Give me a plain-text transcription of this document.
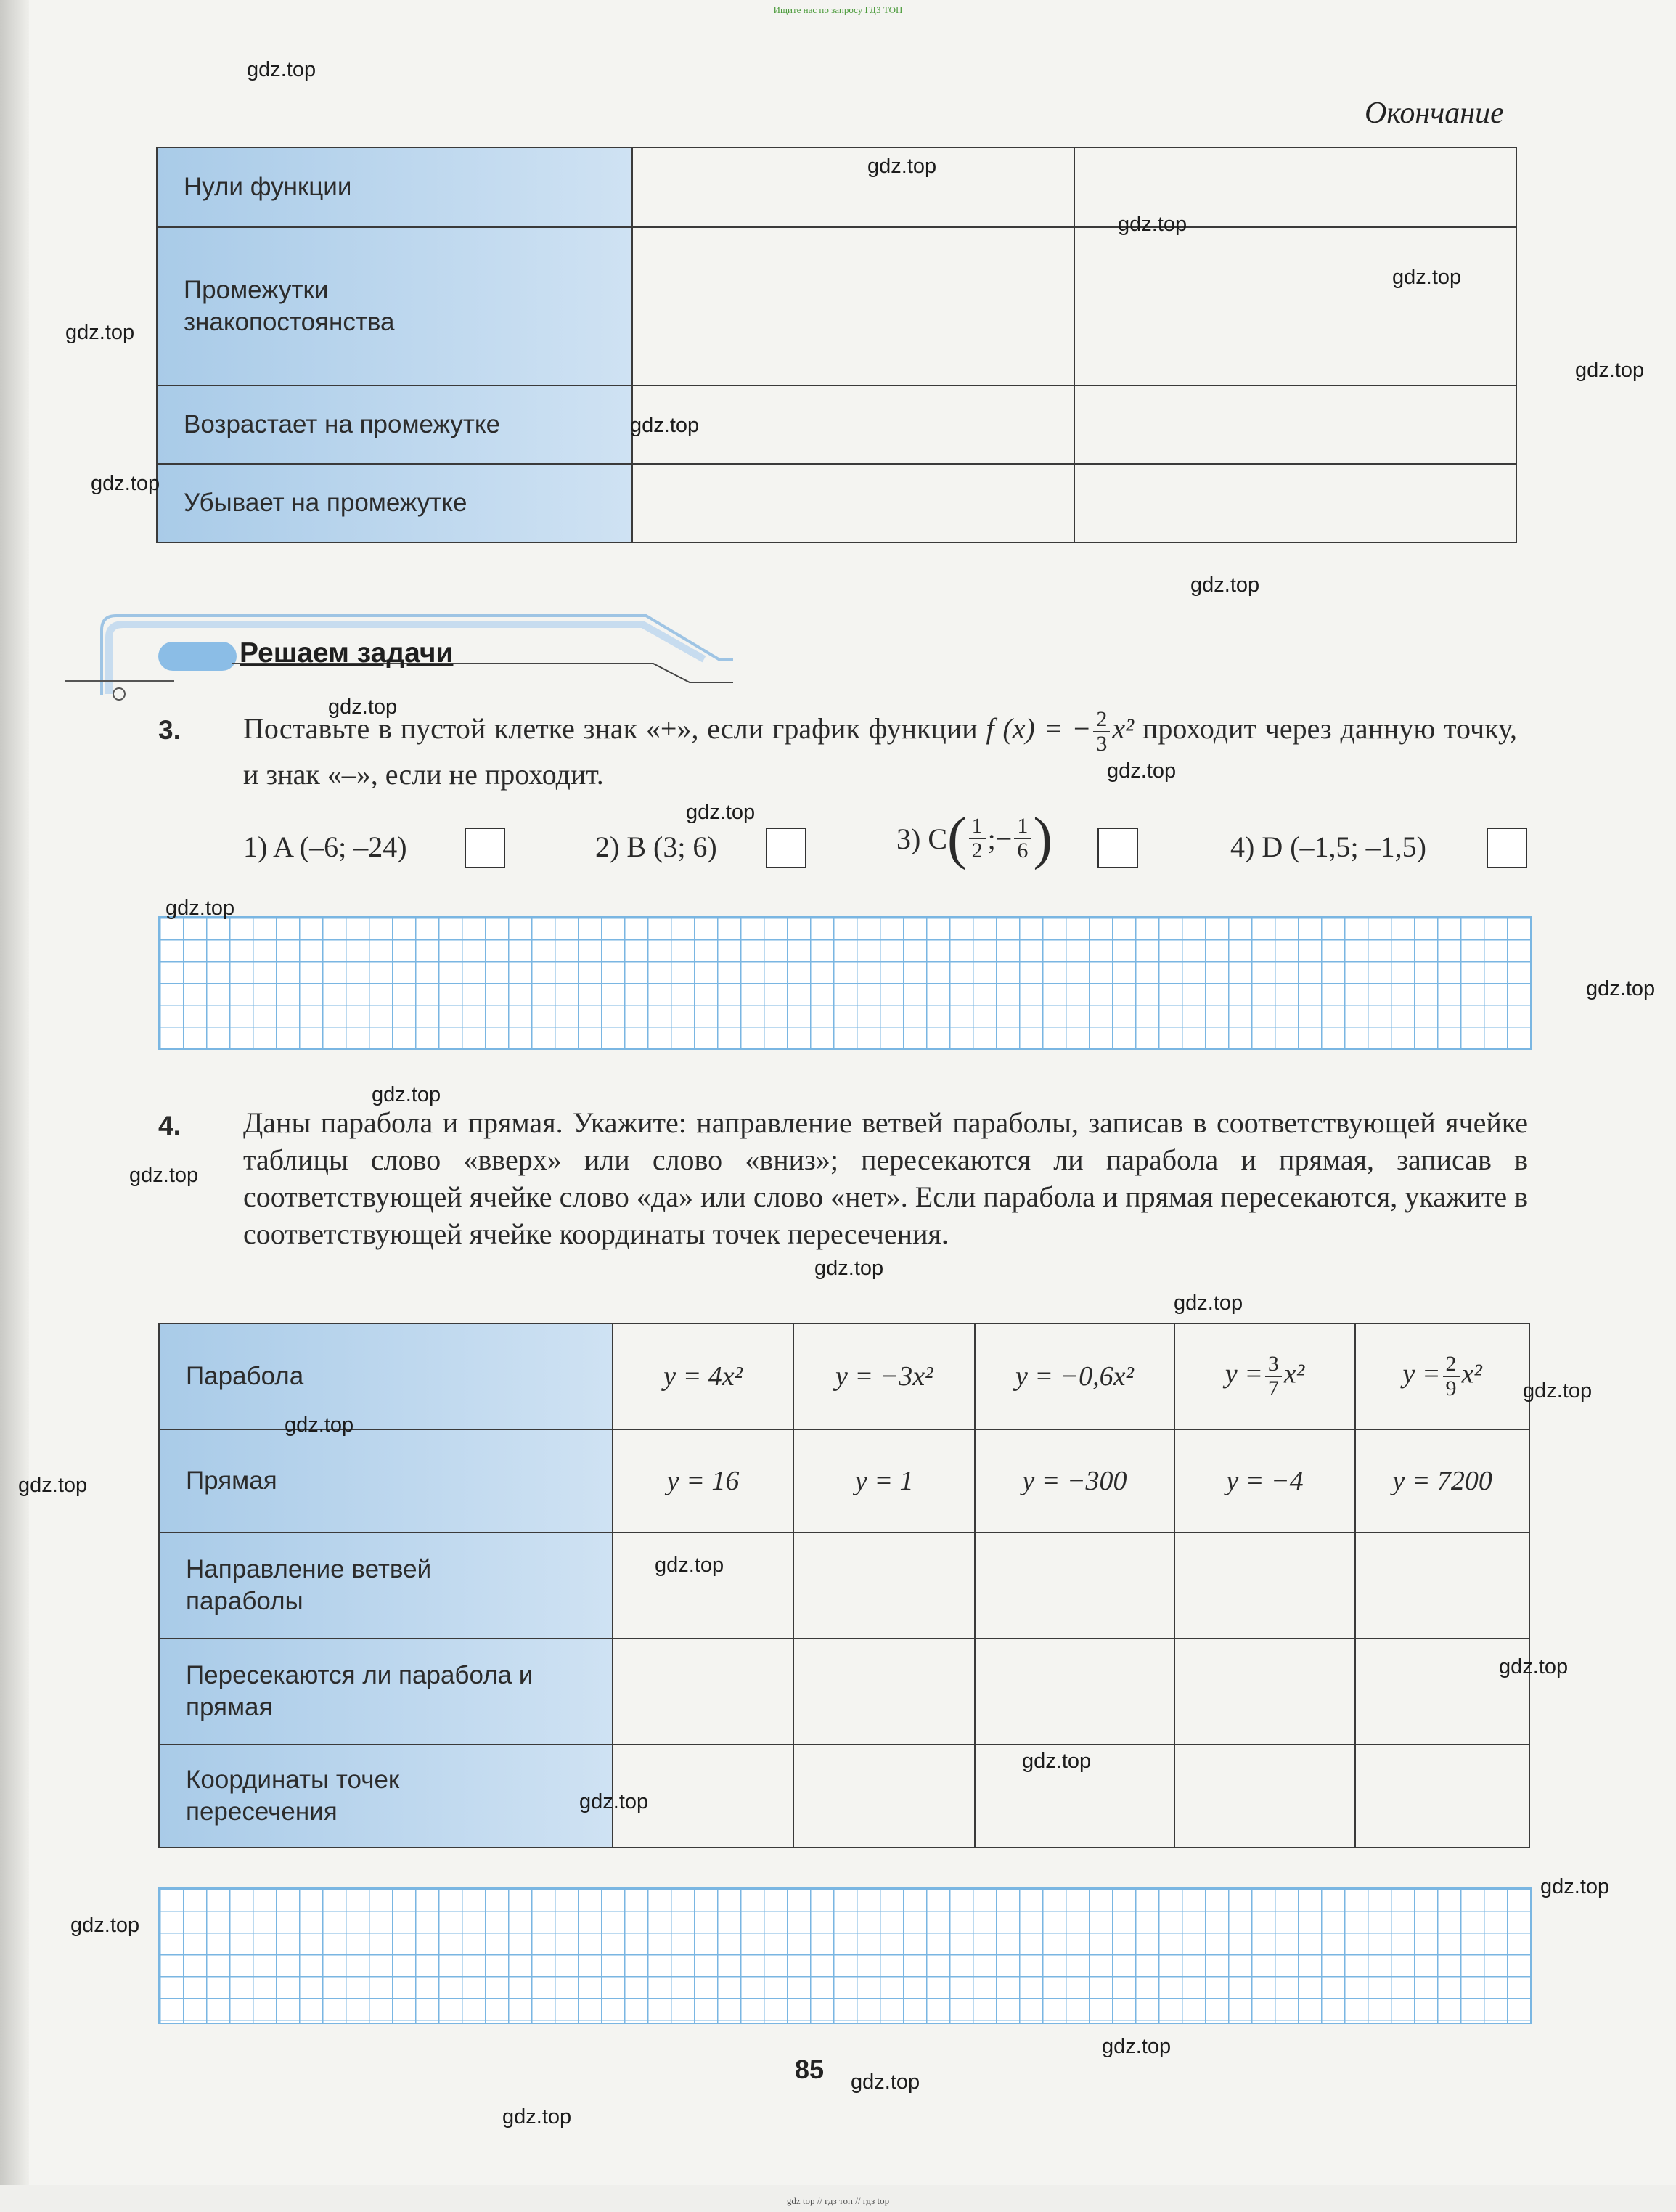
Ищите нас по запросу ГДЗ ТОП
Окончание
Нули функции		

Промежутки знакопостоянства		

Возрастает на промежутке		
Убывает на промежутке		
Решаем задачи
3. Поставьте в пустой клетке знак «+», если график функции f (x) = − $\frac{2}{3} x^2$ проходит через данную точку, и знак «–», если не проходит.
1) A (–6; –24)	2) B (3; 6)	3) C ( $\frac{1}{2}$ ; − $\frac{1}{6}$ )	4) D (–1,5; –1,5)
4. Даны парабола и прямая. Укажите: направление ветвей параболы, записав в соответствующей ячейке таблицы слово «вверх» или слово «вниз»; пересекаются ли парабола и прямая, записав в соответствующей ячейке слово «да» или слово «нет». Если парабола и прямая пересекаются, укажите в соответствующей ячейке координаты точек пересечения.
Парабола	y = 4x²	y = −3x²	y = −0,6x²	$y = \frac{3}{7} x^2$	$y = \frac{2}{9} x^2$
Прямая	y = 16	y = 1	y = −300	y = −4	y = 7200

Направление ветвей параболы					

Пересекаются ли парабола и прямая					

Координаты точек пересечения					

85
gdz.top
gdz.top
gdz.top
gdz.top
gdz.top
gdz.top
gdz.top
gdz.top
gdz.top
gdz.top
gdz.top
gdz.top
gdz.top
gdz.top
gdz.top
gdz.top
gdz.top
gdz.top
gdz.top
gdz.top
gdz.top
gdz.top
gdz.top
gdz.top
gdz.top
gdz.top
gdz.top
gdz.top
gdz.top
gdz.top
gdz top // гдз топ // гдз top
